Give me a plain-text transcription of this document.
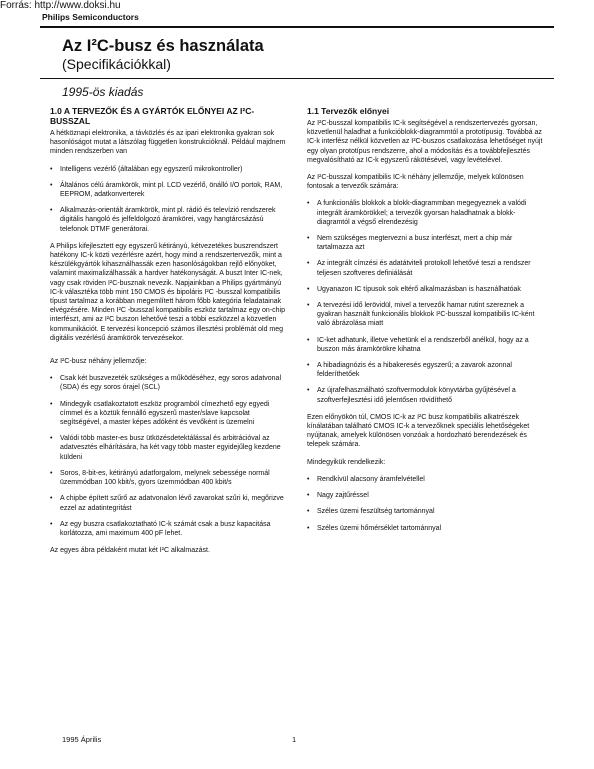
Forrás: http://www.doksi.hu
Philips Semiconductors
Az I²C-busz és használata
(Specifikációkkal)
1995-ös kiadás
1.0 A TERVEZŐK ÉS A GYÁRTÓK ELŐNYEI AZ I²C-BUSSZAL

A hétköznapi elektronika, a távközlés és az ipari elektronika gyakran sok hasonlóságot mutat a látszólag független konstrukcióknál. Például majdnem minden rendszerben van

• Intelligens vezérlő (általában egy egyszerű mikrokontroller)
• Általános célú áramkörök, mint pl. LCD vezérlő, önálló I/O portok, RAM, EEPROM, adatkonverterek
• Alkalmazás-orientált áramkörök, mint pl. rádió és televízió rendszerek digitális hangoló és jelfeldolgozó áramkörei, vagy hangtárcsázású telefonok DTMF generátorai.

A Philips kifejlesztett egy egyszerű kétirányú, kétvezetékes buszrendszert hatékony IC-k közti vezérlésre azért, hogy mind a rendszertervezők, mint a készülékgyártók kihasználhassák ezen hasonlóságokban rejlő előnyöket, valamint maximalizálhassák a hardver hatékonyságát. A buszt Inter IC-nek, vagy csak röviden I²C-busznak nevezik. Napjainkban a Philips gyártmányú IC-k választéka több mint 150 CMOS és bipoláris I²C -busszal kompatibilis típust tartalmaz a korábban megemlített három főbb kategória feladatainak elvégzésére. Minden I²C -busszal kompatibilis eszköz tartalmaz egy on-chip interfészt, ami az I²C buszon lehetővé teszi a többi eszközzel a közvetlen kommunikációt. E tervezési koncepció számos illesztési problémát old meg digitális vezérlésű áramkörök tervezésekor.

Az I²C-busz néhány jellemzője:

• Csak két buszvezeték szükséges a működéséhez, egy soros adatvonal (SDA) és egy soros órajel (SCL)
• Mindegyik csatlakoztatott eszköz programból címezhető egy egyedi címmel és a köztük fennálló egyszerű master/slave kapcsolat segítségével, a master képes adóként és vevőként is üzemelni
• Valódi több master-es busz ütközésdetektálással és arbitrációval az adatvesztés elhárítására, ha két vagy több master egyidejűleg kezdene küldeni
• Soros, 8-bit-es, kétirányú adatforgalom, melynek sebessége normál üzemmódban 100 kbit/s, gyors üzemmódban 400 kbit/s
• A chipbe épített szűrő az adatvonalon lévő zavarokat szűri ki, megőrizve ezzel az adatintegritást
• Az egy buszra csatlakoztatható IC-k számát csak a busz kapacitása korlátozza, ami maximum 400 pF lehet.

Az egyes ábra példaként mutat két I²C alkalmazást.

1.1 Tervezők előnyei

Az I²C-busszal kompatibilis IC-k segítségével a rendszertervezés gyorsan, közvetlenül haladhat a funkcióblokk-diagrammtól a prototípusig. Továbbá az IC-k interfész nélkül közvetlen az I²C-buszos csatlakozása lehetőséget nyújt egy olyan prototípus rendszerre, ahol a módosítás és a továbbfejlesztés megvalósítható az IC-k egyszerű rákötésével, vagy levételével.

Az I²C-busszal kompatibilis IC-k néhány jellemzője, melyek különösen fontosak a tervezők számára:

• A funkcionális blokkok a blokk-diagrammban megegyeznek a valódi integrált áramkörökkel; a tervezők gyorsan haladhatnak a blokk-diagramtól a végső elrendezésig
• Nem szükséges megtervezni a busz interfészt, mert a chip már tartalmazza azt
• Az integrált címzési és adatátviteli protokoll lehetővé teszi a rendszer teljesen szoftveres definiálását
• Ugyanazon IC típusok sok eltérő alkalmazásban is használhatóak
• A tervezési idő lerövidül, mivel a tervezők hamar rutint szereznek a gyakran használt funkcionális blokkok I²C-busszal kompatibilis IC-ként való ábrázolása miatt
• IC-ket adhatunk, illetve vehetünk el a rendszerből anélkül, hogy az a buszon más áramkörökre kihatna
• A hibadiagnózis és a hibakeresés egyszerű; a zavarok azonnal felderíthetőek
• Az újrafelhasználható szoftvermodulok könyvtárba gyűjtésével a szoftverfejlesztési idő jelentősen rövidíthető

Ezen előnyökön túl, CMOS IC-k az I²C busz kompatibilis alkatrészek kínálatában található CMOS IC-k a tervezőknek speciális lehetőségeket nyújtanak, amelyek különösen vonzóak a hordozható berendezések és telepek számára.

Mindegyikük rendelkezik:

• Rendkívül alacsony áramfelvétellel
• Nagy zajtűréssel
• Széles üzemi feszültség tartománnyal
• Széles üzemi hőmérséklet tartománnyal
1995 Április	1
